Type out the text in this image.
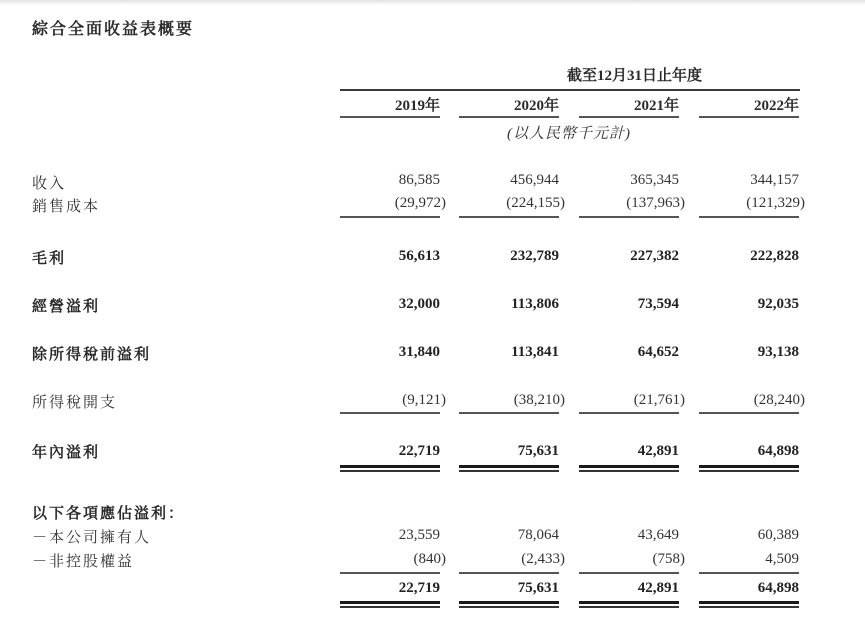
綜合全面收益表概要
截至12月31日止年度
2019年	2020年	2021年	2022年
(以人民幣千元計)
收入	86,585	456,944	365,345	344,157
銷售成本	(29,972)	(224,155)	(137,963)	(121,329)
毛利	56,613	232,789	227,382	222,828
經營溢利	32,000	113,806	73,594	92,035
除所得稅前溢利	31,840	113,841	64,652	93,138
所得稅開支	(9,121)	(38,210)	(21,761)	(28,240)
年內溢利	22,719	75,631	42,891	64,898
以下各項應佔溢利：
－本公司擁有人	23,559	78,064	43,649	60,389
－非控股權益	(840)	(2,433)	(758)	4,509
22,719	75,631	42,891	64,898
